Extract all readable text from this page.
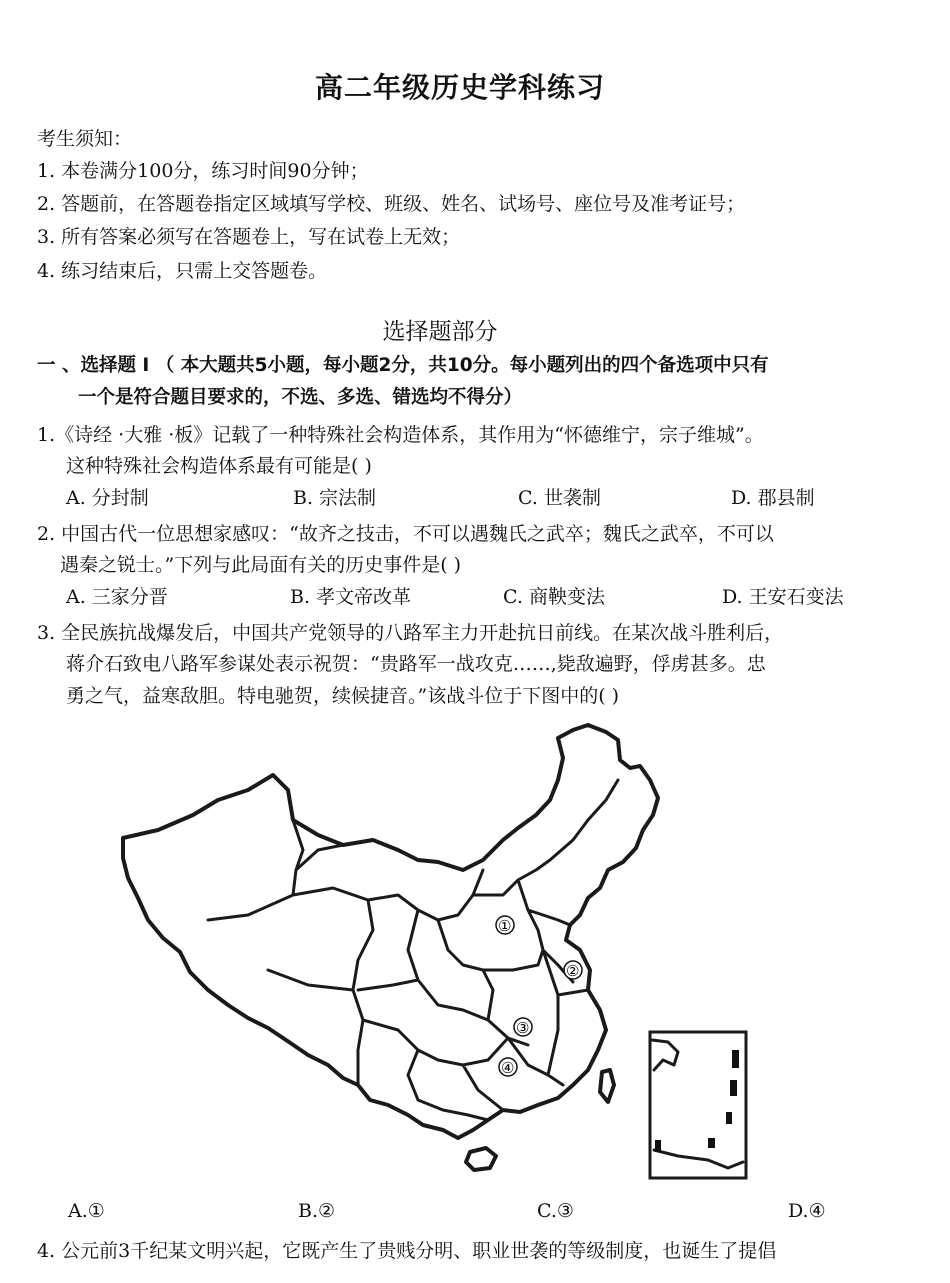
高二年级历史学科练习
考生须知：
1. 本卷满分100分，练习时间90分钟；
2. 答题前，在答题卷指定区域填写学校、班级、姓名、试场号、座位号及准考证号；
3. 所有答案必须写在答题卷上，写在试卷上无效；
4. 练习结束后，只需上交答题卷。
选择题部分
一 、选择题 Ⅰ （ 本大题共5小题，每小题2分，共10分。每小题列出的四个备选项中只有
一个是符合题目要求的，不选、多选、错选均不得分）
1.《诗经 ·大雅 ·板》记载了一种特殊社会构造体系，其作用为“怀德维宁，宗子维城”。
这种特殊社会构造体系最有可能是( )
A. 分封制	B. 宗法制	C. 世袭制	D. 郡县制
2. 中国古代一位思想家感叹：“故齐之技击，不可以遇魏氏之武卒；魏氏之武卒，不可以
遇秦之锐士。”下列与此局面有关的历史事件是( )
A. 三家分晋	B. 孝文帝改革	C. 商鞅变法	D. 王安石变法
3. 全民族抗战爆发后，中国共产党领导的八路军主力开赴抗日前线。在某次战斗胜利后，
蒋介石致电八路军参谋处表示祝贺：“贵路军一战攻克……,毙敌遍野，俘虏甚多。忠
勇之气，益寒敌胆。特电驰贺，续候捷音。”该战斗位于下图中的( )
①
②
③
④
A.①	B.②	C.③	D.④
4. 公元前3千纪某文明兴起，它既产生了贵贱分明、职业世袭的等级制度，也诞生了提倡
